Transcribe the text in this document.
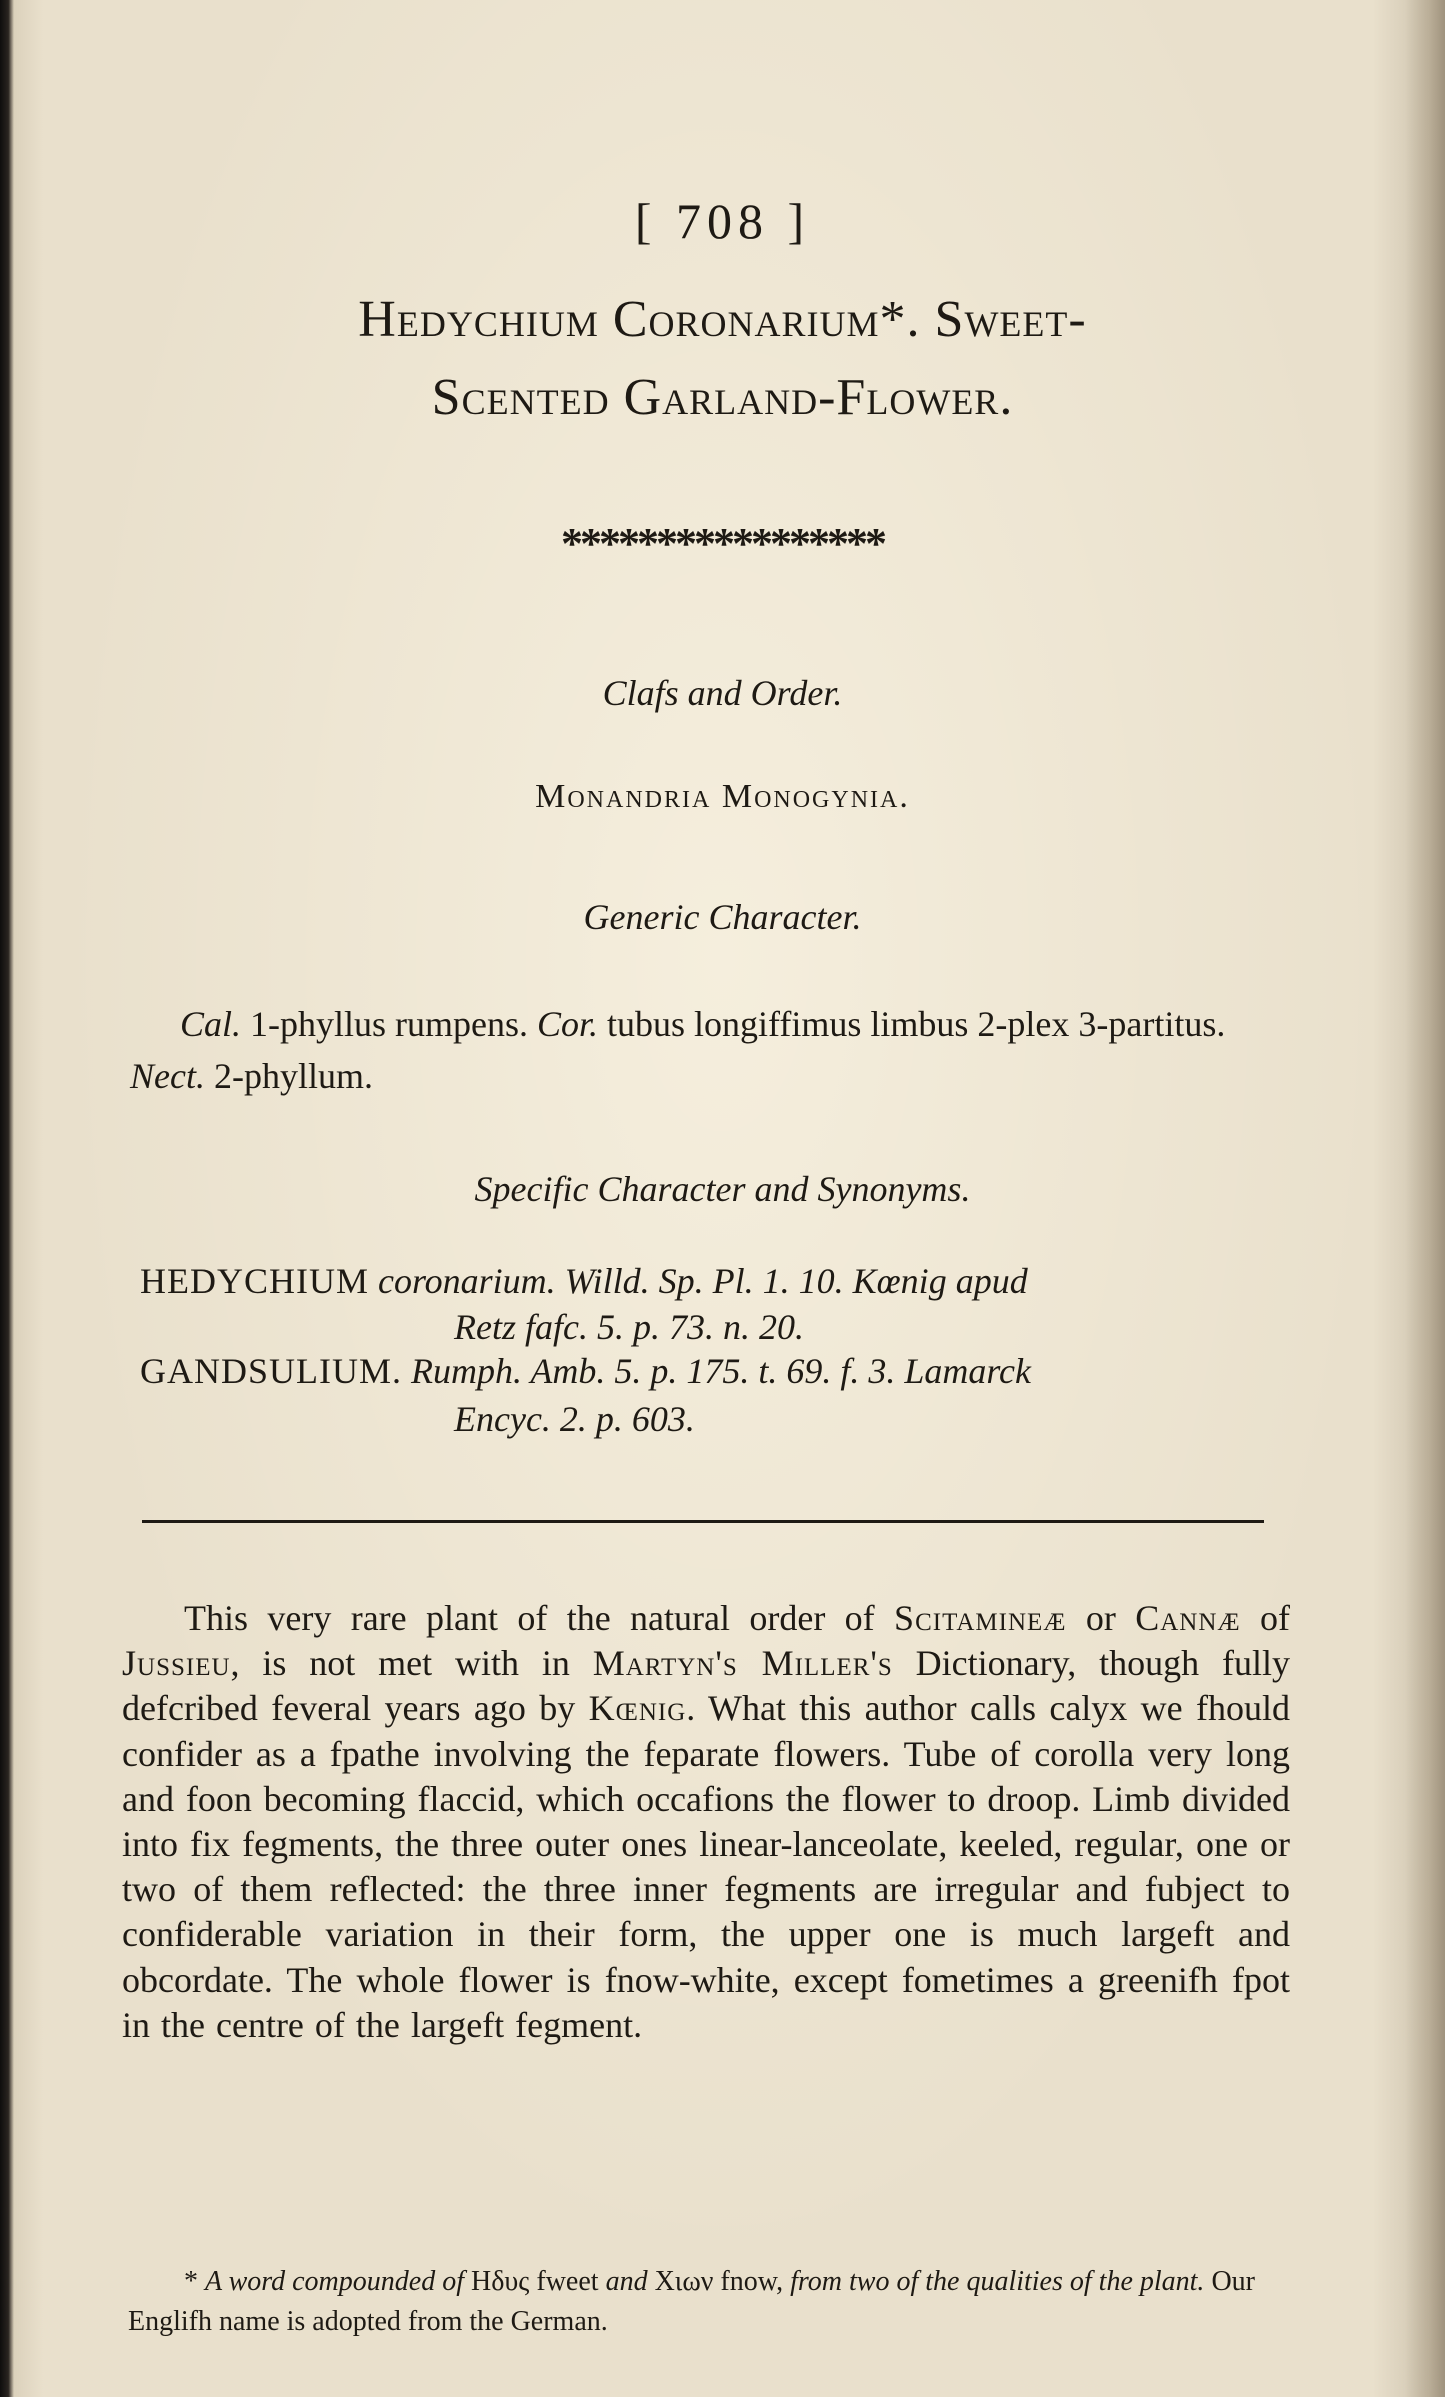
[ 708 ]
Hedychium Coronarium*. Sweet-
Scented Garland-Flower.
*****************
Clafs and Order.
Monandria Monogynia.
Generic Character.
Cal. 1-phyllus rumpens. Cor. tubus longiffimus limbus 2-plex 3-partitus. Nect. 2-phyllum.
Specific Character and Synonyms.
HEDYCHIUM coronarium. Willd. Sp. Pl. 1. 10. Kœnig apud
Retz fafc. 5. p. 73. n. 20.
GANDSULIUM. Rumph. Amb. 5. p. 175. t. 69. f. 3. Lamarck
Encyc. 2. p. 603.
This very rare plant of the natural order of Scitamineæ or Cannæ of Jussieu, is not met with in Martyn's Miller's Dictionary, though fully defcribed feveral years ago by Kœnig. What this author calls calyx we fhould confider as a fpathe involving the feparate flowers. Tube of corolla very long and foon becoming flaccid, which occafions the flower to droop. Limb divided into fix fegments, the three outer ones linear-lanceolate, keeled, regular, one or two of them reflected: the three inner fegments are irregular and fubject to confiderable variation in their form, the upper one is much largeft and obcordate. The whole flower is fnow-white, except fometimes a greenifh fpot in the centre of the largeft fegment.
* A word compounded of Hδυς fweet and Xιων fnow, from two of the qualities of the plant. Our Englifh name is adopted from the German.
